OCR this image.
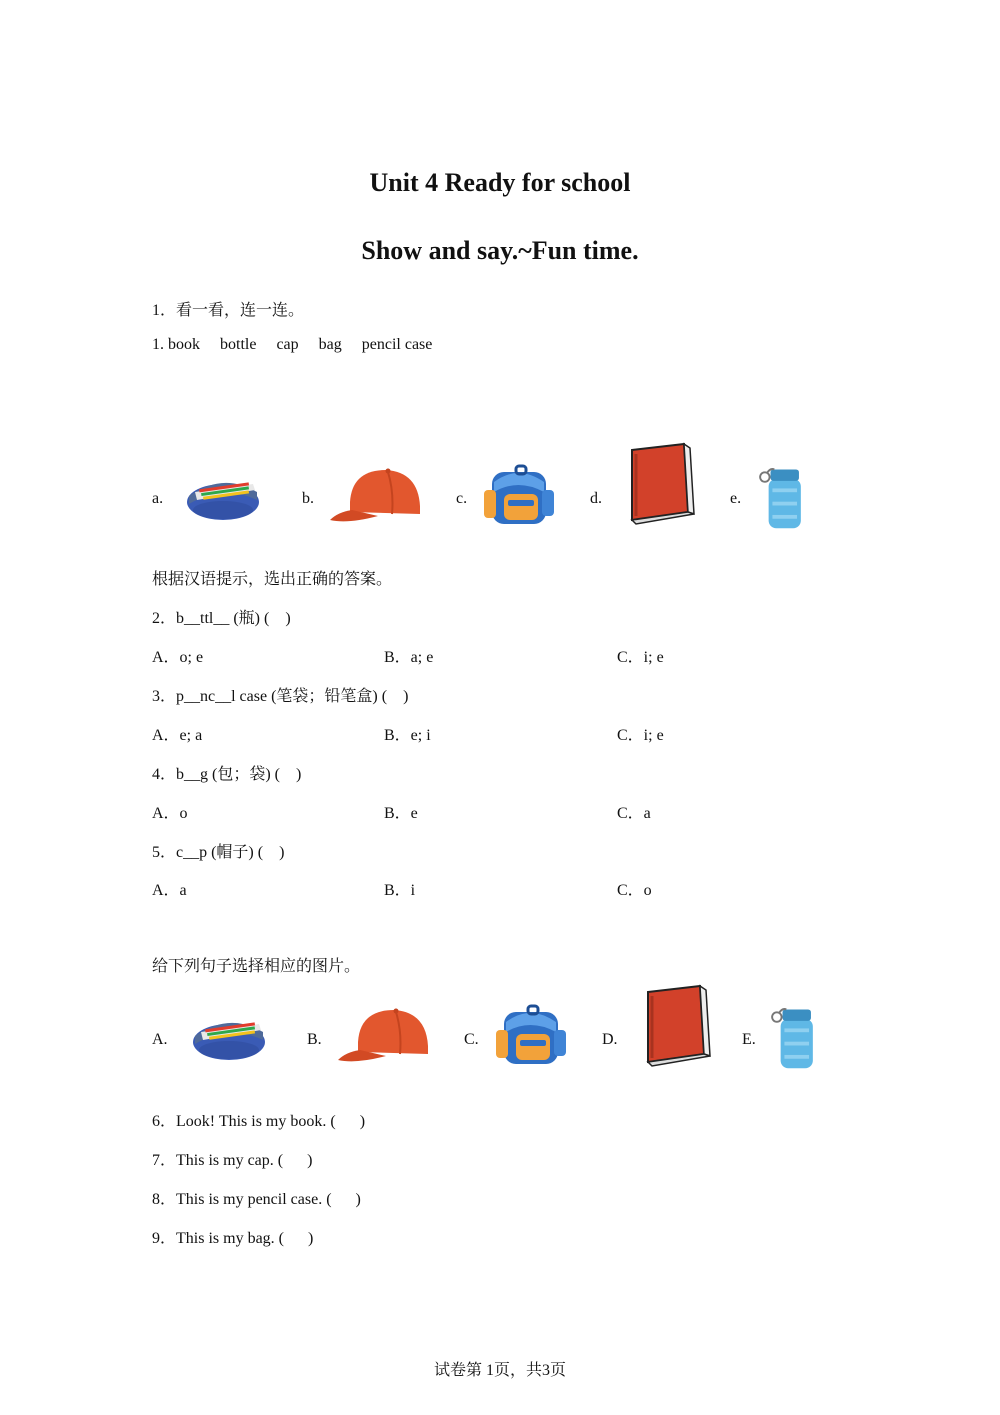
Unit 4 Ready for school
Show and say.~Fun time.
1．看一看，连一连。
1. book     bottle     cap     bag     pencil case
a.	b.	c.	d.	e.
根据汉语提示，选出正确的答案。
2．b__ttl__ (瓶) (    )
A．o; e	B．a; e	C．i; e
3．p__nc__l case (笔袋；铅笔盒) (    )
A．e; a	B．e; i	C．i; e
4．b__g (包；袋) (    )
A．o	B．e	C．a
5．c__p (帽子) (    )
A．a	B．i	C．o
给下列句子选择相应的图片。
A.	B.	C.	D.	E.
6．Look! This is my book. (      )
7．This is my cap. (      )
8．This is my pencil case. (      )
9．This is my bag. (      )
试卷第 1页，共3页
